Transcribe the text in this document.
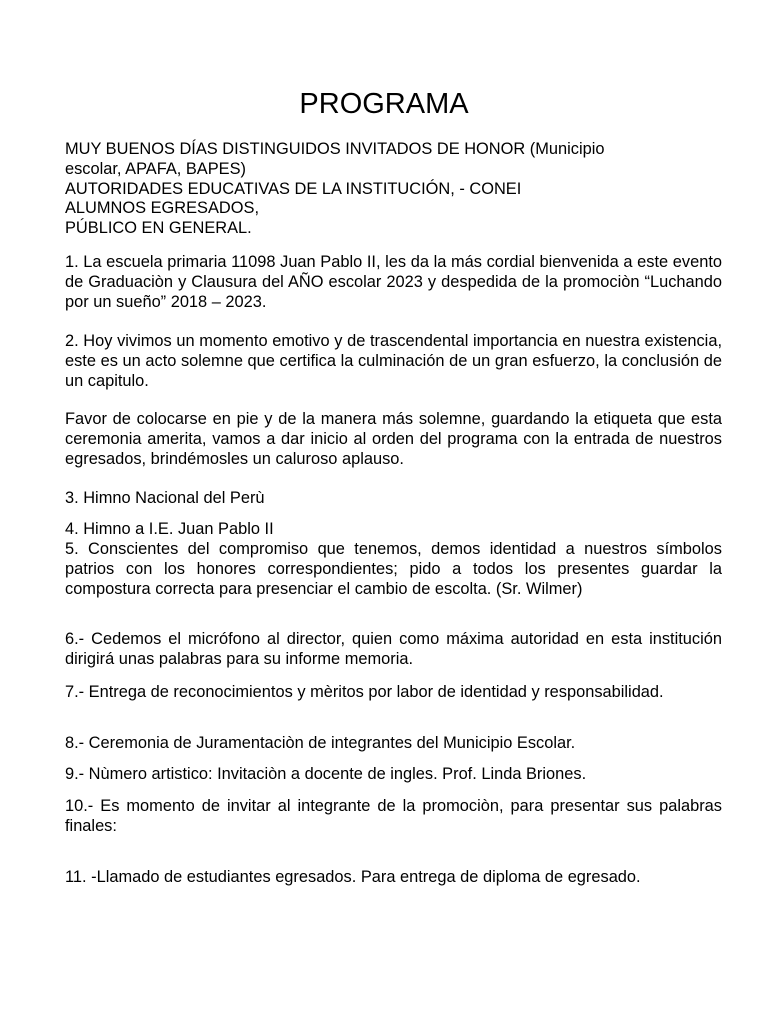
PROGRAMA
MUY BUENOS DÍAS DISTINGUIDOS INVITADOS DE HONOR (Municipio
escolar, APAFA, BAPES)
AUTORIDADES EDUCATIVAS DE LA INSTITUCIÓN, - CONEI
ALUMNOS EGRESADOS,
PÚBLICO EN GENERAL.

1. La escuela primaria 11098 Juan Pablo II, les da la más cordial bienvenida a este evento de Graduaciòn y Clausura del AÑO escolar 2023 y despedida de la promociòn “Luchando por un sueño” 2018 – 2023.

2. Hoy vivimos un momento emotivo y de trascendental importancia en nuestra existencia, este es un acto solemne que certifica la culminación de un gran esfuerzo, la conclusión de un capitulo.

Favor de colocarse en pie y de la manera más solemne, guardando la etiqueta que esta ceremonia amerita, vamos a dar inicio al orden del programa con la entrada de nuestros egresados, brindémosles un caluroso aplauso.

3. Himno Nacional del Perù

4. Himno a I.E. Juan Pablo II

5. Conscientes del compromiso que tenemos, demos identidad a nuestros símbolos patrios con los honores correspondientes; pido a todos los presentes guardar la compostura correcta para presenciar el cambio de escolta. (Sr. Wilmer)

6.- Cedemos el micrófono al director, quien como máxima autoridad en esta institución dirigirá unas palabras para su informe memoria.

7.- Entrega de reconocimientos y mèritos por labor de identidad y responsabilidad.

8.- Ceremonia de Juramentaciòn de integrantes del Municipio Escolar.

9.- Nùmero artistico: Invitaciòn a docente de ingles. Prof. Linda Briones.

10.- Es momento de invitar al integrante de la promociòn, para presentar sus palabras finales:

11. -Llamado de estudiantes egresados. Para entrega de diploma de egresado.
